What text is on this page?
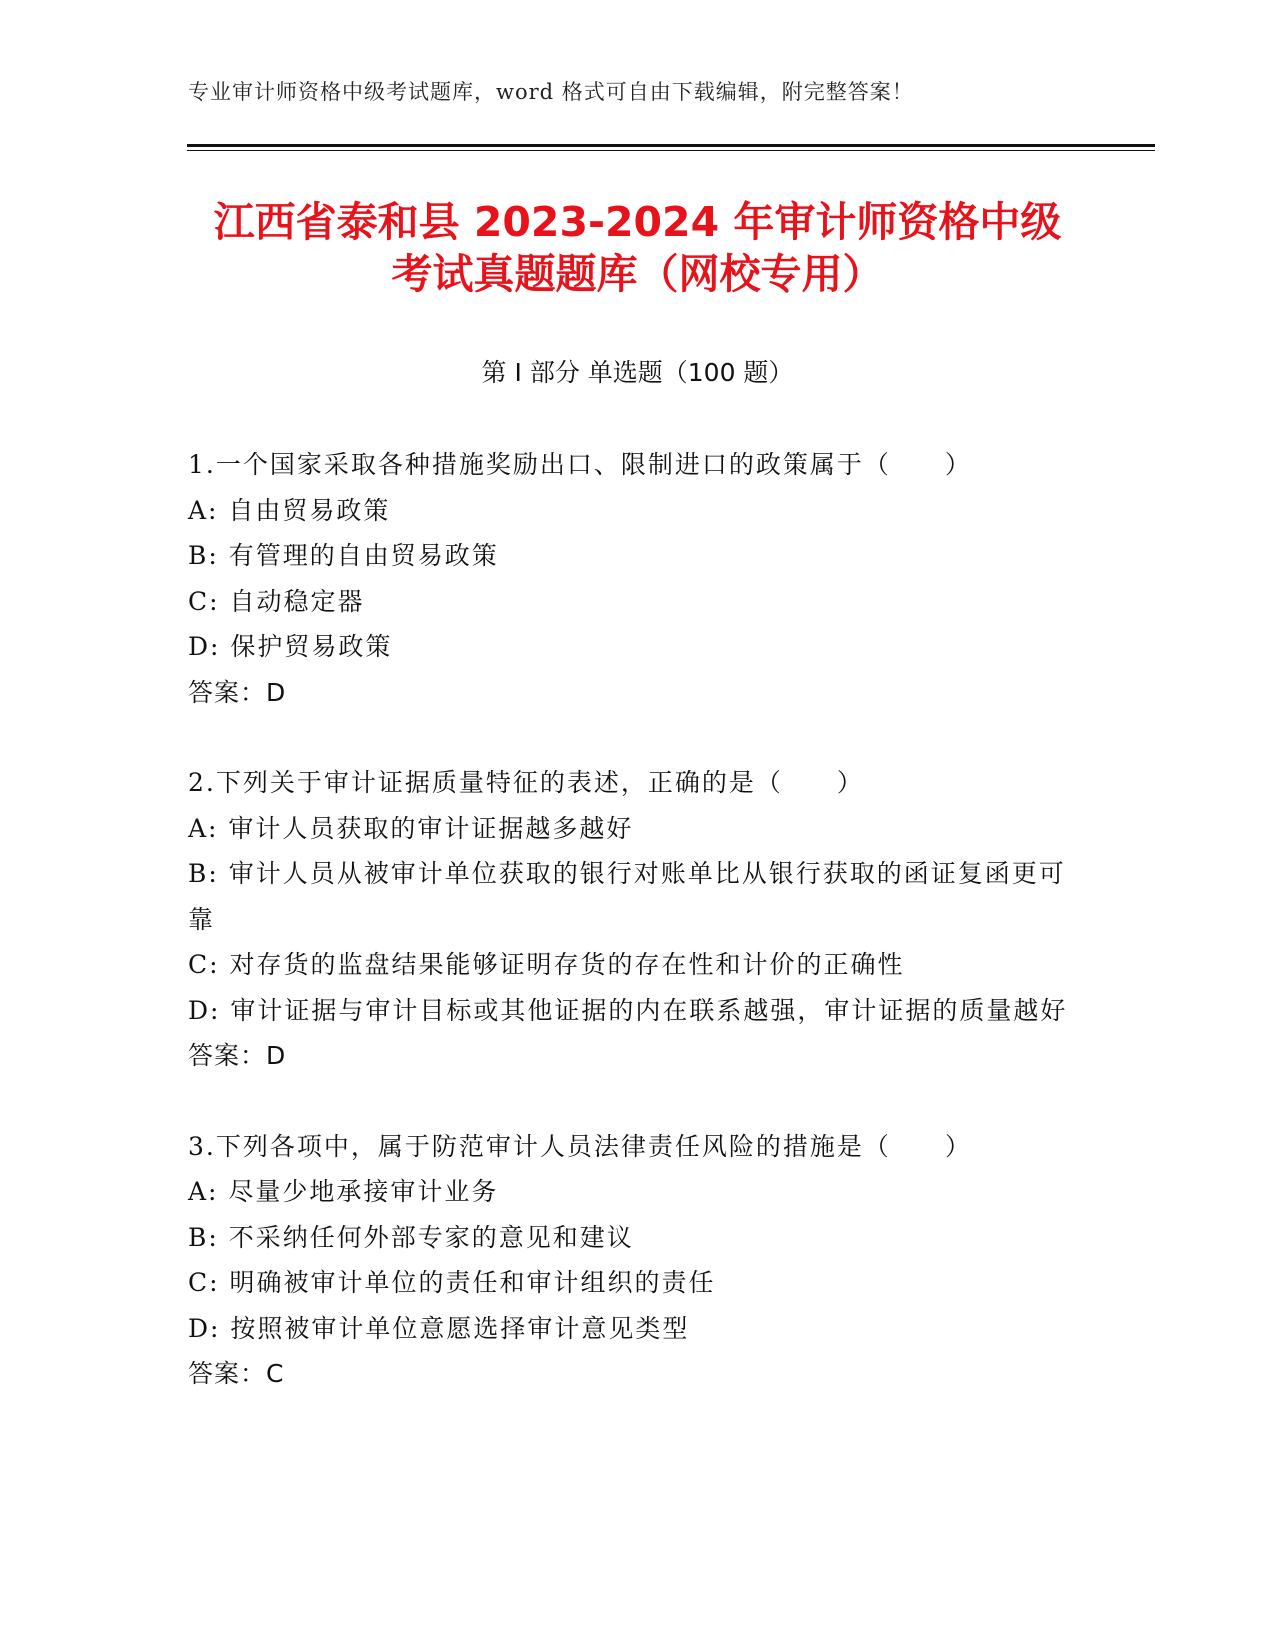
专业审计师资格中级考试题库，word 格式可自由下载编辑，附完整答案！
江西省泰和县 2023-2024 年审计师资格中级
考试真题题库（网校专用）
第 I 部分 单选题（100 题）

1.一个国家采取各种措施奖励出口、限制进口的政策属于（　　）

A: 自由贸易政策

B: 有管理的自由贸易政策

C: 自动稳定器

D: 保护贸易政策

答案：D

2.下列关于审计证据质量特征的表述，正确的是（　　）

A: 审计人员获取的审计证据越多越好

B: 审计人员从被审计单位获取的银行对账单比从银行获取的函证复函更可靠

C: 对存货的监盘结果能够证明存货的存在性和计价的正确性

D: 审计证据与审计目标或其他证据的内在联系越强，审计证据的质量越好

答案：D

3.下列各项中，属于防范审计人员法律责任风险的措施是（　　）

A: 尽量少地承接审计业务

B: 不采纳任何外部专家的意见和建议

C: 明确被审计单位的责任和审计组织的责任

D: 按照被审计单位意愿选择审计意见类型

答案：C
